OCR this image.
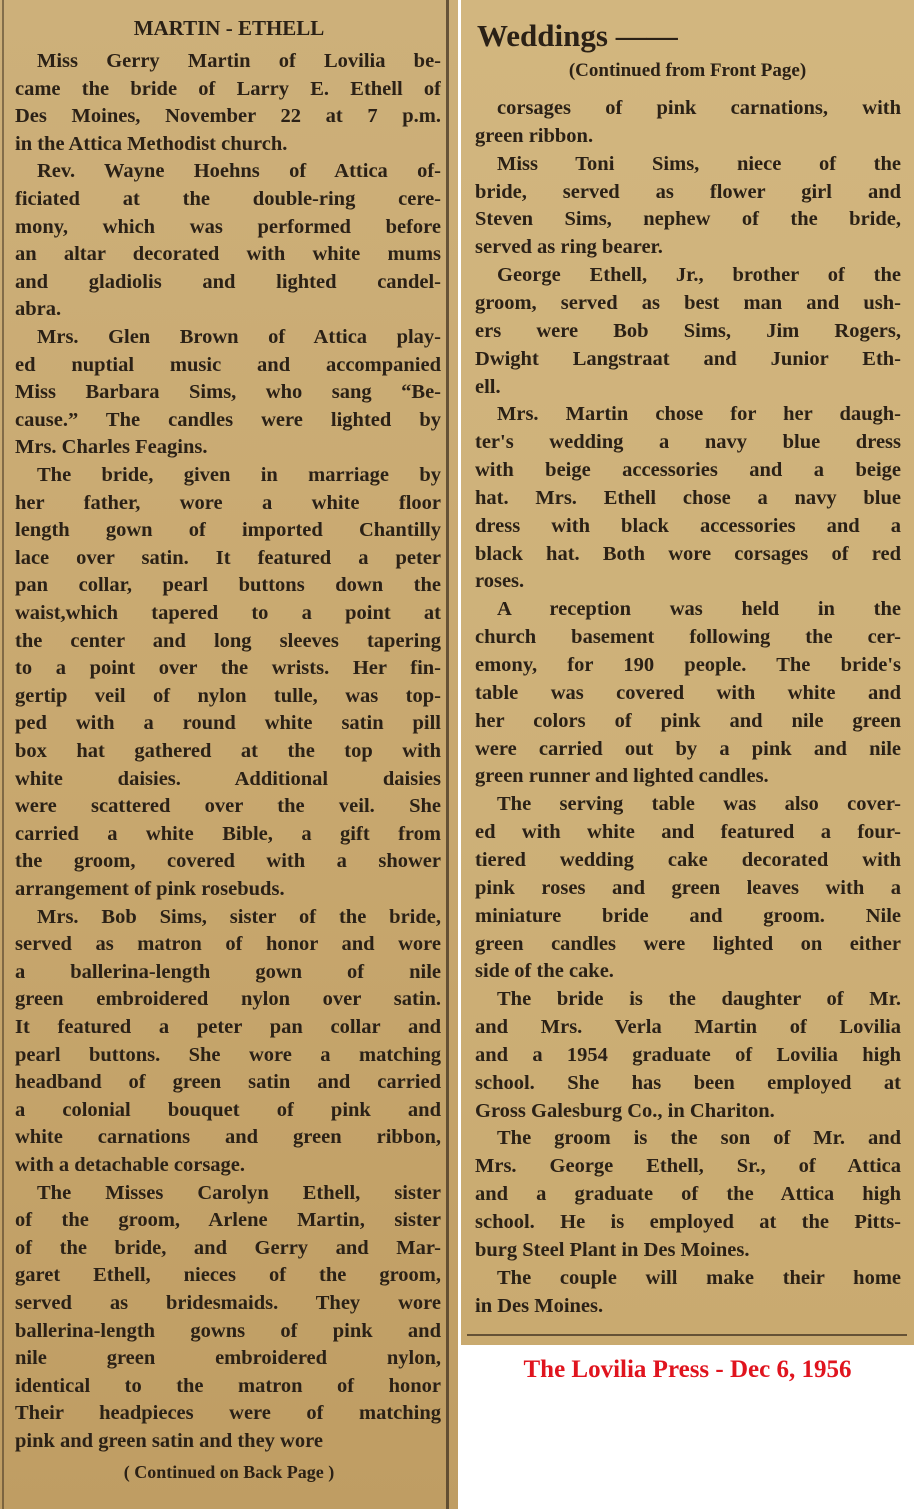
MARTIN - ETHELL
( Continued on Back Page )
Miss Gerry Martin of Lovilia be-
came the bride of Larry E. Ethell of
Des Moines, November 22 at 7 p.m.
in the Attica Methodist church.
Rev. Wayne Hoehns of Attica of-
ficiated at the double-ring cere-
mony, which was performed before
an altar decorated with white mums
and gladiolis and lighted candel-
abra.
Mrs. Glen Brown of Attica play-
ed nuptial music and accompanied
Miss Barbara Sims, who sang “Be-
cause.” The candles were lighted by
Mrs. Charles Feagins.
The bride, given in marriage by
her father, wore a white floor
length gown of imported Chantilly
lace over satin. It featured a peter
pan collar, pearl buttons down the
waist,which tapered to a point at
the center and long sleeves tapering
to a point over the wrists. Her fin-
gertip veil of nylon tulle, was top-
ped with a round white satin pill
box hat gathered at the top with
white daisies. Additional daisies
were scattered over the veil. She
carried a white Bible, a gift from
the groom, covered with a shower
arrangement of pink rosebuds.
Mrs. Bob Sims, sister of the bride,
served as matron of honor and wore
a ballerina-length gown of nile
green embroidered nylon over satin.
It featured a peter pan collar and
pearl buttons. She wore a matching
headband of green satin and carried
a colonial bouquet of pink and
white carnations and green ribbon,
with a detachable corsage.
The Misses Carolyn Ethell, sister
of the groom, Arlene Martin, sister
of the bride, and Gerry and Mar-
garet Ethell, nieces of the groom,
served as bridesmaids. They wore
ballerina-length gowns of pink and
nile green embroidered nylon,
identical to the matron of honor
Their headpieces were of matching
pink and green satin and they wore
Weddings ——
(Continued from Front Page)
corsages of pink carnations, with
green ribbon.
Miss Toni Sims, niece of the
bride, served as flower girl and
Steven Sims, nephew of the bride,
served as ring bearer.
George Ethell, Jr., brother of the
groom, served as best man and ush-
ers were Bob Sims, Jim Rogers,
Dwight Langstraat and Junior Eth-
ell.
Mrs. Martin chose for her daugh-
ter's wedding a navy blue dress
with beige accessories and a beige
hat. Mrs. Ethell chose a navy blue
dress with black accessories and a
black hat. Both wore corsages of red
roses.
A reception was held in the
church basement following the cer-
emony, for 190 people. The bride's
table was covered with white and
her colors of pink and nile green
were carried out by a pink and nile
green runner and lighted candles.
The serving table was also cover-
ed with white and featured a four-
tiered wedding cake decorated with
pink roses and green leaves with a
miniature bride and groom. Nile
green candles were lighted on either
side of the cake.
The bride is the daughter of Mr.
and Mrs. Verla Martin of Lovilia
and a 1954 graduate of Lovilia high
school. She has been employed at
Gross Galesburg Co., in Chariton.
The groom is the son of Mr. and
Mrs. George Ethell, Sr., of Attica
and a graduate of the Attica high
school. He is employed at the Pitts-
burg Steel Plant in Des Moines.
The couple will make their home
in Des Moines.
The Lovilia Press - Dec 6, 1956
